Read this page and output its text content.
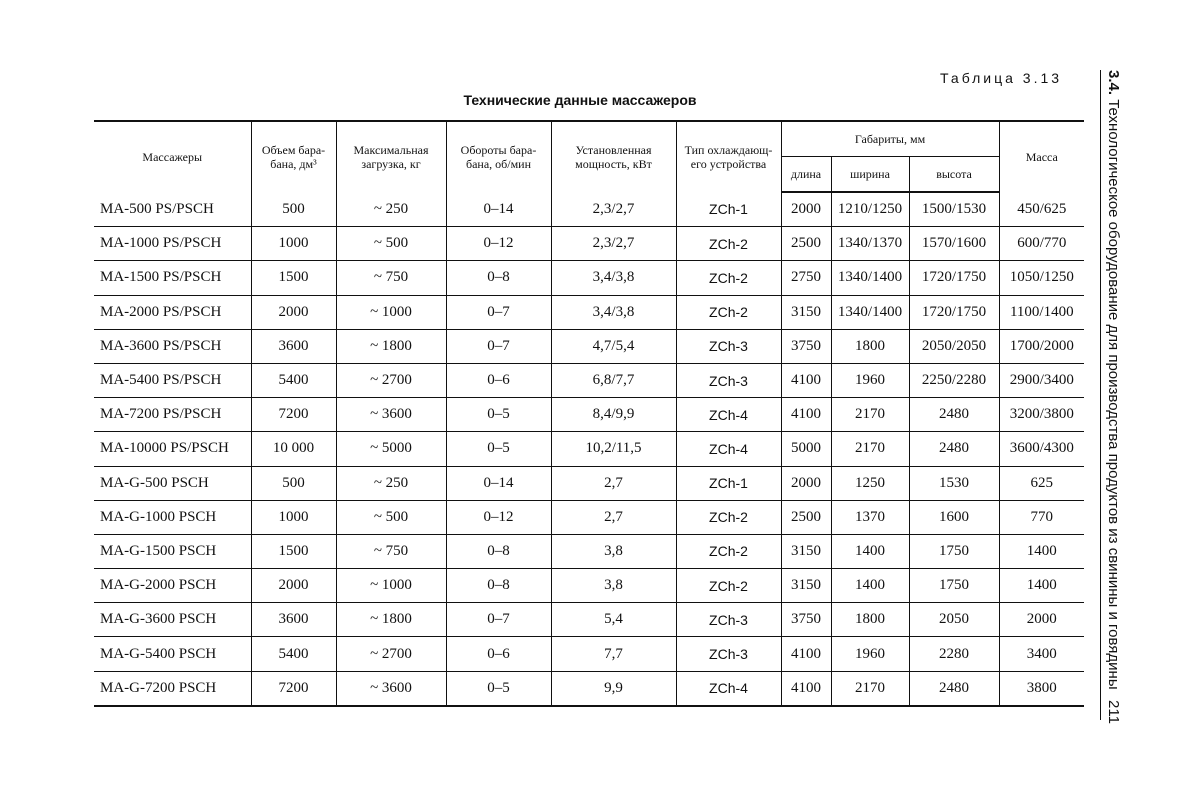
Таблица 3.13
Технические данные массажеров
Массажеры	Объем бара-бана, дм³	Максимальная загрузка, кг	Обороты бара-бана, об/мин	Установленная мощность, кВт	Тип охлаждающ-его устройства	Габариты, мм			Масса
						длина	ширина	высота	
MA-500 PS/PSCH	500	~ 250	0–14	2,3/2,7	ZCh-1	2000	1210/1250	1500/1530	450/625
MA-1000 PS/PSCH	1000	~ 500	0–12	2,3/2,7	ZCh-2	2500	1340/1370	1570/1600	600/770
MA-1500 PS/PSCH	1500	~ 750	0–8	3,4/3,8	ZCh-2	2750	1340/1400	1720/1750	1050/1250
MA-2000 PS/PSCH	2000	~ 1000	0–7	3,4/3,8	ZCh-2	3150	1340/1400	1720/1750	1100/1400
MA-3600 PS/PSCH	3600	~ 1800	0–7	4,7/5,4	ZCh-3	3750	1800	2050/2050	1700/2000
MA-5400 PS/PSCH	5400	~ 2700	0–6	6,8/7,7	ZCh-3	4100	1960	2250/2280	2900/3400
MA-7200 PS/PSCH	7200	~ 3600	0–5	8,4/9,9	ZCh-4	4100	2170	2480	3200/3800
MA-10000 PS/PSCH	10 000	~ 5000	0–5	10,2/11,5	ZCh-4	5000	2170	2480	3600/4300
MA-G-500 PSCH	500	~ 250	0–14	2,7	ZCh-1	2000	1250	1530	625
MA-G-1000 PSCH	1000	~ 500	0–12	2,7	ZCh-2	2500	1370	1600	770
MA-G-1500 PSCH	1500	~ 750	0–8	3,8	ZCh-2	3150	1400	1750	1400
MA-G-2000 PSCH	2000	~ 1000	0–8	3,8	ZCh-2	3150	1400	1750	1400
MA-G-3600 PSCH	3600	~ 1800	0–7	5,4	ZCh-3	3750	1800	2050	2000
MA-G-5400 PSCH	5400	~ 2700	0–6	7,7	ZCh-3	4100	1960	2280	3400
MA-G-7200 PSCH	7200	~ 3600	0–5	9,9	ZCh-4	4100	2170	2480	3800
3.4. Технологическое оборудование для производства продуктов из свинины и говядины
211
